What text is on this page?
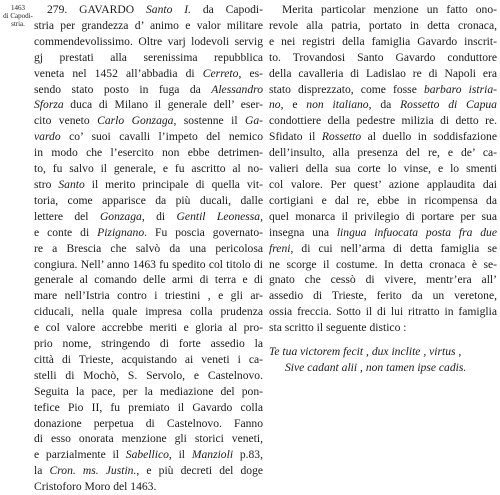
1463
di Capodi-
stria.
279. GAVARDO Santo I. da Capodi-
stria per grandezza d’ animo e valor militare
commendevolissimo. Oltre varj lodevoli servig
gj prestati alla serenissima repubblica
veneta nel 1452 all’abbadia di Cerreto, es-
sendo stato posto in fuga da Alessandro
Sforza duca di Milano il generale dell’ eser-
cito veneto Carlo Gonzaga, sostenne il Ga-
vardo co’ suoi cavalli l’impeto del nemico
in modo che l’esercito non ebbe detrimen-
to, fu salvo il generale, e fu ascritto al no-
stro Santo il merito principale di quella vit-
toria, come apparisce da più ducali, dalle
lettere del Gonzaga, di Gentil Leonessa,
e conte di Pizignano. Fu poscia governato-
re a Brescia che salvò da una pericolosa
congiura. Nell’ anno 1463 fu spedito col titolo di
generale al comando delle armi di terra e di
mare nell’Istria contro i triestini , e gli ar-
ciducali, nella quale impresa colla prudenza
e col valore accrebbe meriti e gloria al pro-
prio nome, stringendo di forte assedio la
città di Trieste, acquistando ai veneti i ca-
stelli di Mochò, S. Servolo, e Castelnovo.
Seguita la pace, per la mediazione del pon-
tefice Pio II, fu premiato il Gavardo colla
donazione perpetua di Castelnovo. Fanno
di esso onorata menzione gli storici veneti,
e parzialmente il Sabellico, il Manzioli p.83,
la Cron. ms. Justin., e più decreti del doge
Cristoforo Moro del 1463.
Merita particolar menzione un fatto ono-
revole alla patria, portato in detta cronaca,
e nei registri della famiglia Gavardo inscrit-
to. Trovandosi Santo Gavardo conduttore
della cavalleria di Ladislao re di Napoli era
stato disprezzato, come fosse barbaro istria-
no, e non italiano, da Rossetto di Capua
condottiere della pedestre milizia di detto re.
Sfidato il Rossetto al duello in soddisfazione
dell’insulto, alla presenza del re, e de’ ca-
valieri della sua corte lo vinse, e lo smenti
col valore. Per quest’ azione applaudita dai
cortigiani e dal re, ebbe in ricompensa da
quel monarca il privilegio di portare per sua
insegna una lingua infuocata posta fra due
freni, di cui nell’arma di detta famiglia se
ne scorge il costume. In detta cronaca è se-
gnato che cessò di vivere, mentr’era all’
assedio di Trieste, ferito da un veretone,
ossia freccia. Sotto il di lui ritratto in famiglia
sta scritto il seguente distico :
Te tua victorem fecit , dux inclite , virtus ,
Sive cadant alii , non tamen ipse cadis.
